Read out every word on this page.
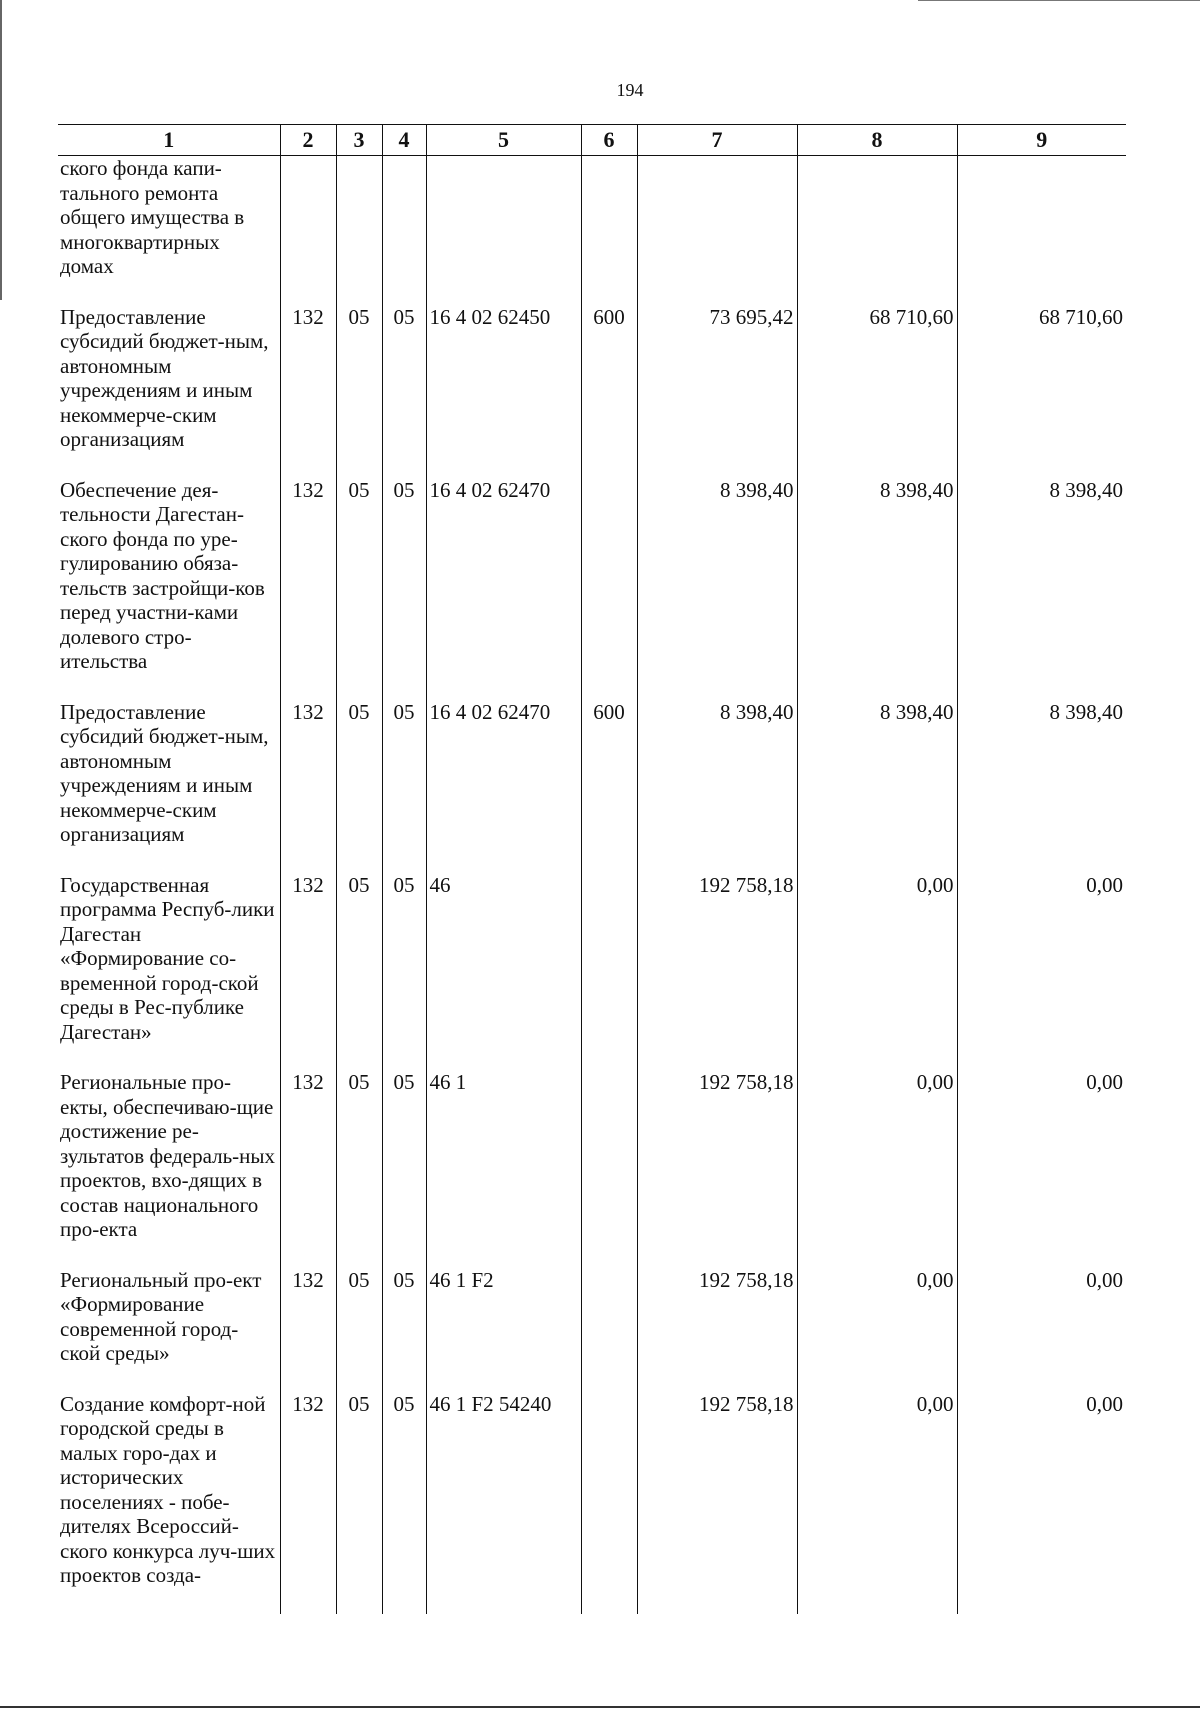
194
1	2	3	4	5	6	7	8	9
ского фонда капи-тального ремонта общего имущества в многоквартирных домах								
Предоставление субсидий бюджет-ным, автономным учреждениям и иным некоммерче-ским организациям	132	05	05	16 4 02 62450	600	73 695,42	68 710,60	68 710,60
Обеспечение дея-тельности Дагестан-ского фонда по уре-гулированию обяза-тельств застройщи-ков перед участни-ками долевого стро-ительства	132	05	05	16 4 02 62470		8 398,40	8 398,40	8 398,40
Предоставление субсидий бюджет-ным, автономным учреждениям и иным некоммерче-ским организациям	132	05	05	16 4 02 62470	600	8 398,40	8 398,40	8 398,40
Государственная программа Респуб-лики Дагестан «Формирование со-временной город-ской среды в Рес-публике Дагестан»	132	05	05	46		192 758,18	0,00	0,00
Региональные про-екты, обеспечиваю-щие достижение ре-зультатов федераль-ных проектов, вхо-дящих в состав национального про-екта	132	05	05	46 1		192 758,18	0,00	0,00
Региональный про-ект «Формирование современной город-ской среды»	132	05	05	46 1 F2		192 758,18	0,00	0,00
Создание комфорт-ной городской среды в малых горо-дах и исторических поселениях - побе-дителях Всероссий-ского конкурса луч-ших проектов созда-	132	05	05	46 1 F2 54240		192 758,18	0,00	0,00
